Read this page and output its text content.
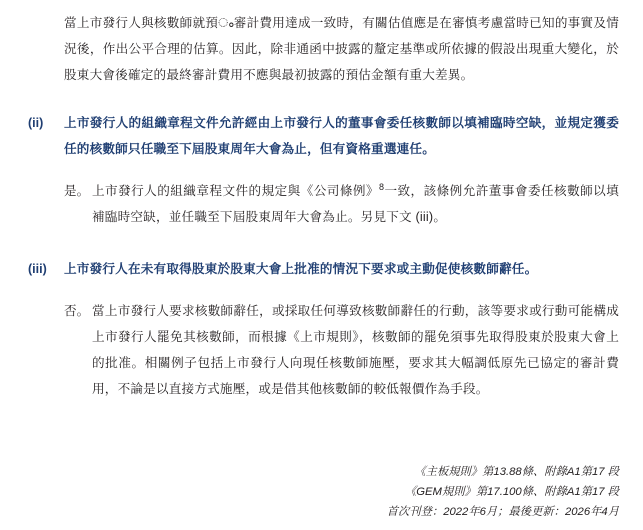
當上市發行人與核數師就預ം審計費用達成一致時，有關估值應是在審慎考慮當時已知的事實及情況後，作出公平合理的估算。因此，除非通函中披露的釐定基準或所依據的假設出現重大變化，於股東大會後確定的最終審計費用不應與最初披露的預估金額有重大差異。
(ii)	上市發行人的組織章程文件允許經由上市發行人的董事會委任核數師以填補臨時空缺，並規定獲委任的核數師只任職至下屆股東周年大會為止，但有資格重選連任。

是。 上市發行人的組織章程文件的規定與《公司條例》$^8$一致，該條例允許董事會委任核數師以填補臨時空缺，並任職至下屆股東周年大會為止。另見下文 (iii)。
(iii)	上市發行人在未有取得股東於股東大會上批准的情況下要求或主動促使核數師辭任。

否。 當上市發行人要求核數師辭任，或採取任何導致核數師辭任的行動，該等要求或行動可能構成上市發行人罷免其核數師，而根據《上市規則》，核數師的罷免須事先取得股東於股東大會上的批准。相關例子包括上市發行人向現任核數師施壓，要求其大幅調低原先已協定的審計費用，不論是以直接方式施壓，或是借其他核數師的較低報價作為手段。
《主板規則》第13.88條、附錄A1第17 段
《GEM規則》第17.100條、附錄A1第17 段
首次刊登：2022年6月；最後更新：2026年4月
